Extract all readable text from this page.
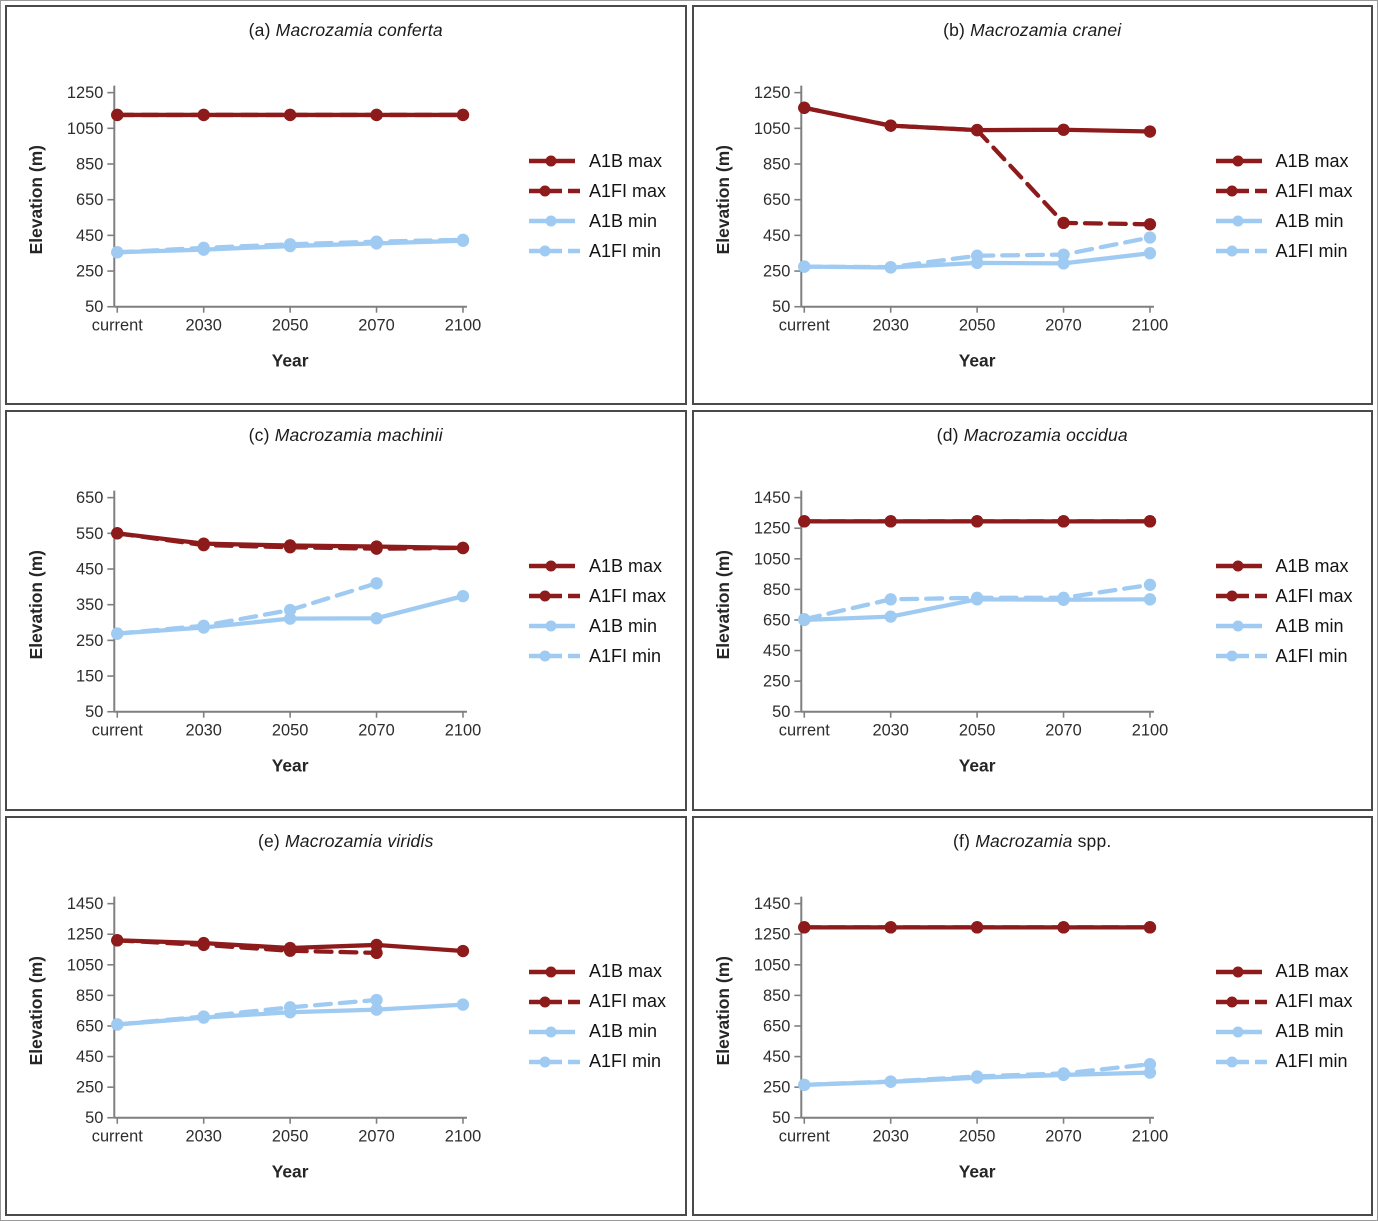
(a) Macrozamia conferta
50
250
450
650
850
1050
1250
current	2030	2050	2070	2100
Elevation (m)
Year
A1B max
A1FI max
A1B min
A1FI min
(b) Macrozamia cranei
50
250
450
650
850
1050
1250
current	2030	2050	2070	2100
Elevation (m)
Year
A1B max
A1FI max
A1B min
A1FI min
(c) Macrozamia machinii
50
150
250
350
450
550
650
current	2030	2050	2070	2100
Elevation (m)
Year
A1B max
A1FI max
A1B min
A1FI min
(d) Macrozamia occidua
50
250
450
650
850
1050
1250
1450
current	2030	2050	2070	2100
Elevation (m)
Year
A1B max
A1FI max
A1B min
A1FI min
(e) Macrozamia viridis
50
250
450
650
850
1050
1250
1450
current	2030	2050	2070	2100
Elevation (m)
Year
A1B max
A1FI max
A1B min
A1FI min
(f) Macrozamia spp.
50
250
450
650
850
1050
1250
1450
current	2030	2050	2070	2100
Elevation (m)
Year
A1B max
A1FI max
A1B min
A1FI min
